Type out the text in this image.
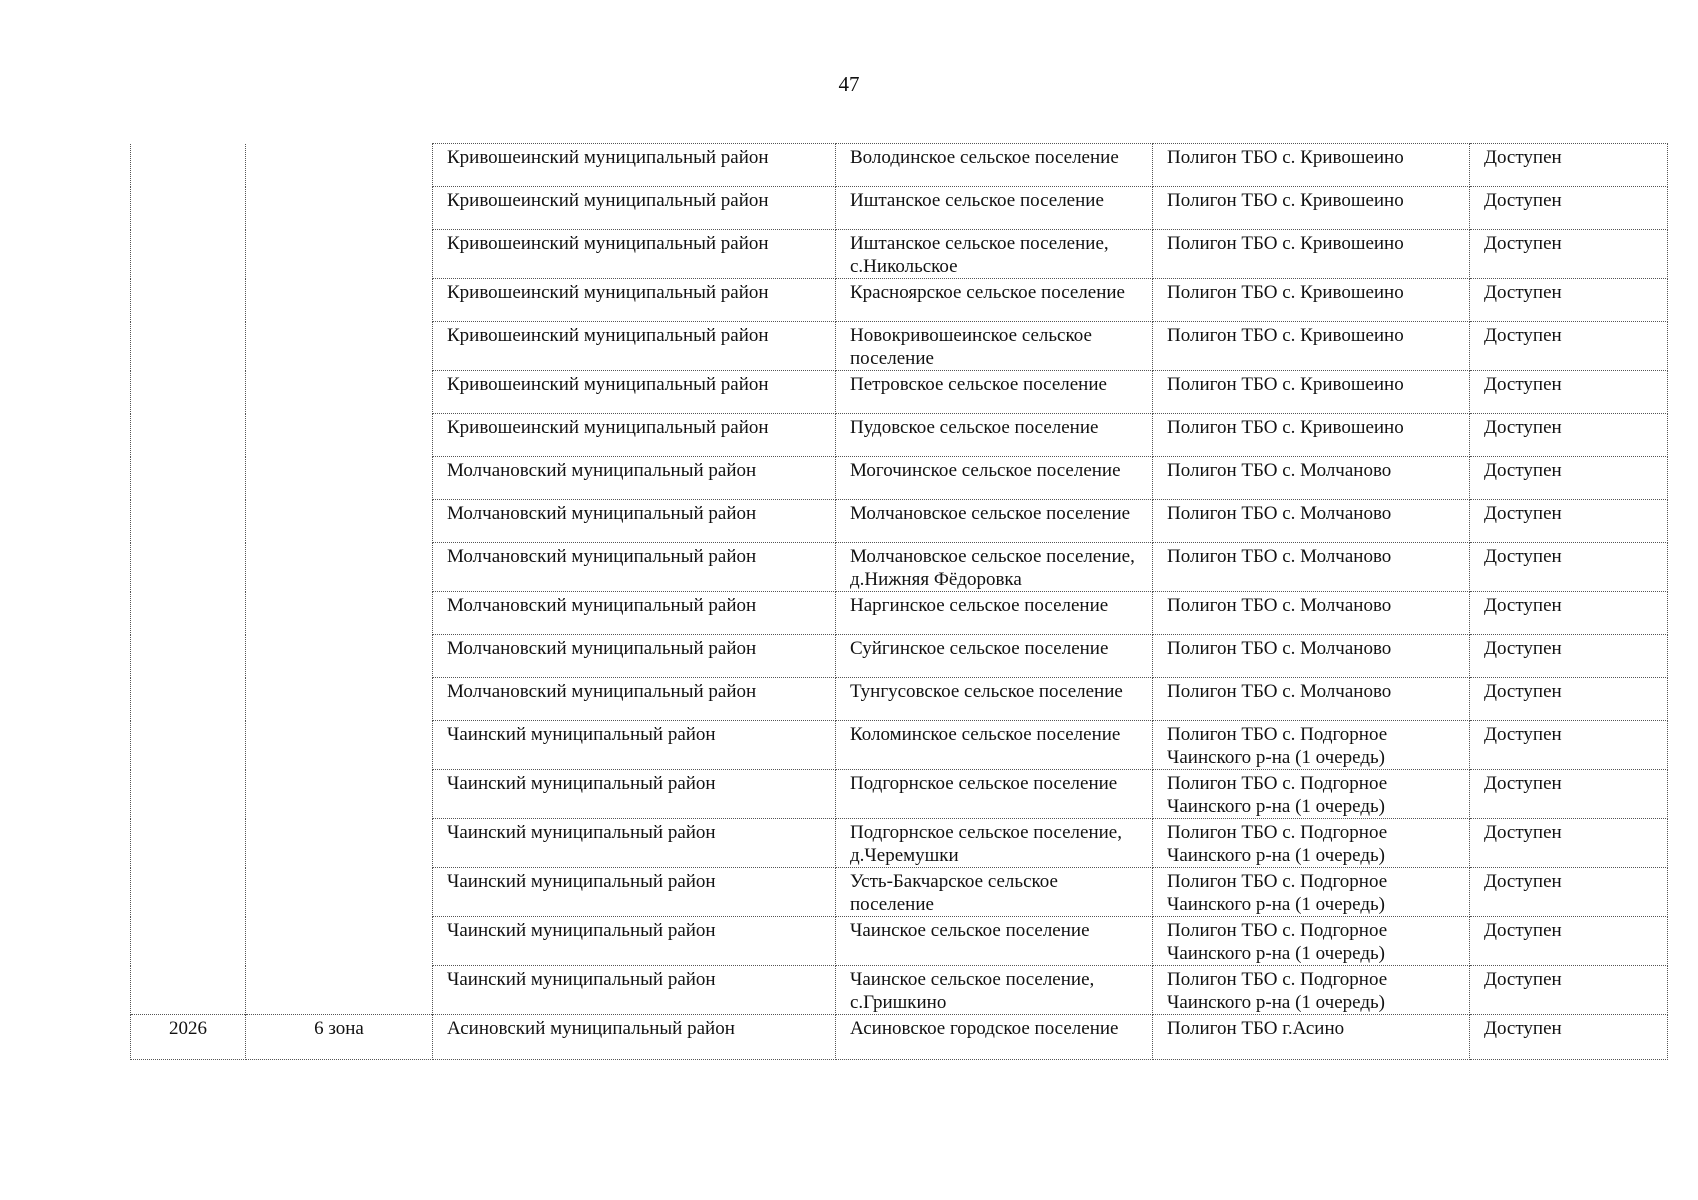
47
		Кривошеинский муниципальный район	Володинское сельское поселение	Полигон ТБО с. Кривошеино	Доступен
		Кривошеинский муниципальный район	Иштанское сельское поселение	Полигон ТБО с. Кривошеино	Доступен
		Кривошеинский муниципальный район	Иштанское сельское поселение, с.Никольское	Полигон ТБО с. Кривошеино	Доступен
		Кривошеинский муниципальный район	Красноярское сельское поселение	Полигон ТБО с. Кривошеино	Доступен
		Кривошеинский муниципальный район	Новокривошеинское сельское поселение	Полигон ТБО с. Кривошеино	Доступен
		Кривошеинский муниципальный район	Петровское сельское поселение	Полигон ТБО с. Кривошеино	Доступен
		Кривошеинский муниципальный район	Пудовское сельское поселение	Полигон ТБО с. Кривошеино	Доступен
		Молчановский муниципальный район	Могочинское сельское поселение	Полигон ТБО с. Молчаново	Доступен
		Молчановский муниципальный район	Молчановское сельское поселение	Полигон ТБО с. Молчаново	Доступен
		Молчановский муниципальный район	Молчановское сельское поселение, д.Нижняя Фёдоровка	Полигон ТБО с. Молчаново	Доступен
		Молчановский муниципальный район	Наргинское сельское поселение	Полигон ТБО с. Молчаново	Доступен
		Молчановский муниципальный район	Суйгинское сельское поселение	Полигон ТБО с. Молчаново	Доступен
		Молчановский муниципальный район	Тунгусовское сельское поселение	Полигон ТБО с. Молчаново	Доступен
		Чаинский муниципальный район	Коломинское сельское поселение	Полигон ТБО с. Подгорное Чаинского р-на (1 очередь)	Доступен
		Чаинский муниципальный район	Подгорнское сельское поселение	Полигон ТБО с. Подгорное Чаинского р-на (1 очередь)	Доступен
		Чаинский муниципальный район	Подгорнское сельское поселение, д.Черемушки	Полигон ТБО с. Подгорное Чаинского р-на (1 очередь)	Доступен
		Чаинский муниципальный район	Усть-Бакчарское сельское поселение	Полигон ТБО с. Подгорное Чаинского р-на (1 очередь)	Доступен
		Чаинский муниципальный район	Чаинское сельское поселение	Полигон ТБО с. Подгорное Чаинского р-на (1 очередь)	Доступен
		Чаинский муниципальный район	Чаинское сельское поселение, с.Гришкино	Полигон ТБО с. Подгорное Чаинского р-на (1 очередь)	Доступен
2026	6 зона	Асиновский муниципальный район	Асиновское городское поселение	Полигон ТБО г.Асино	Доступен
